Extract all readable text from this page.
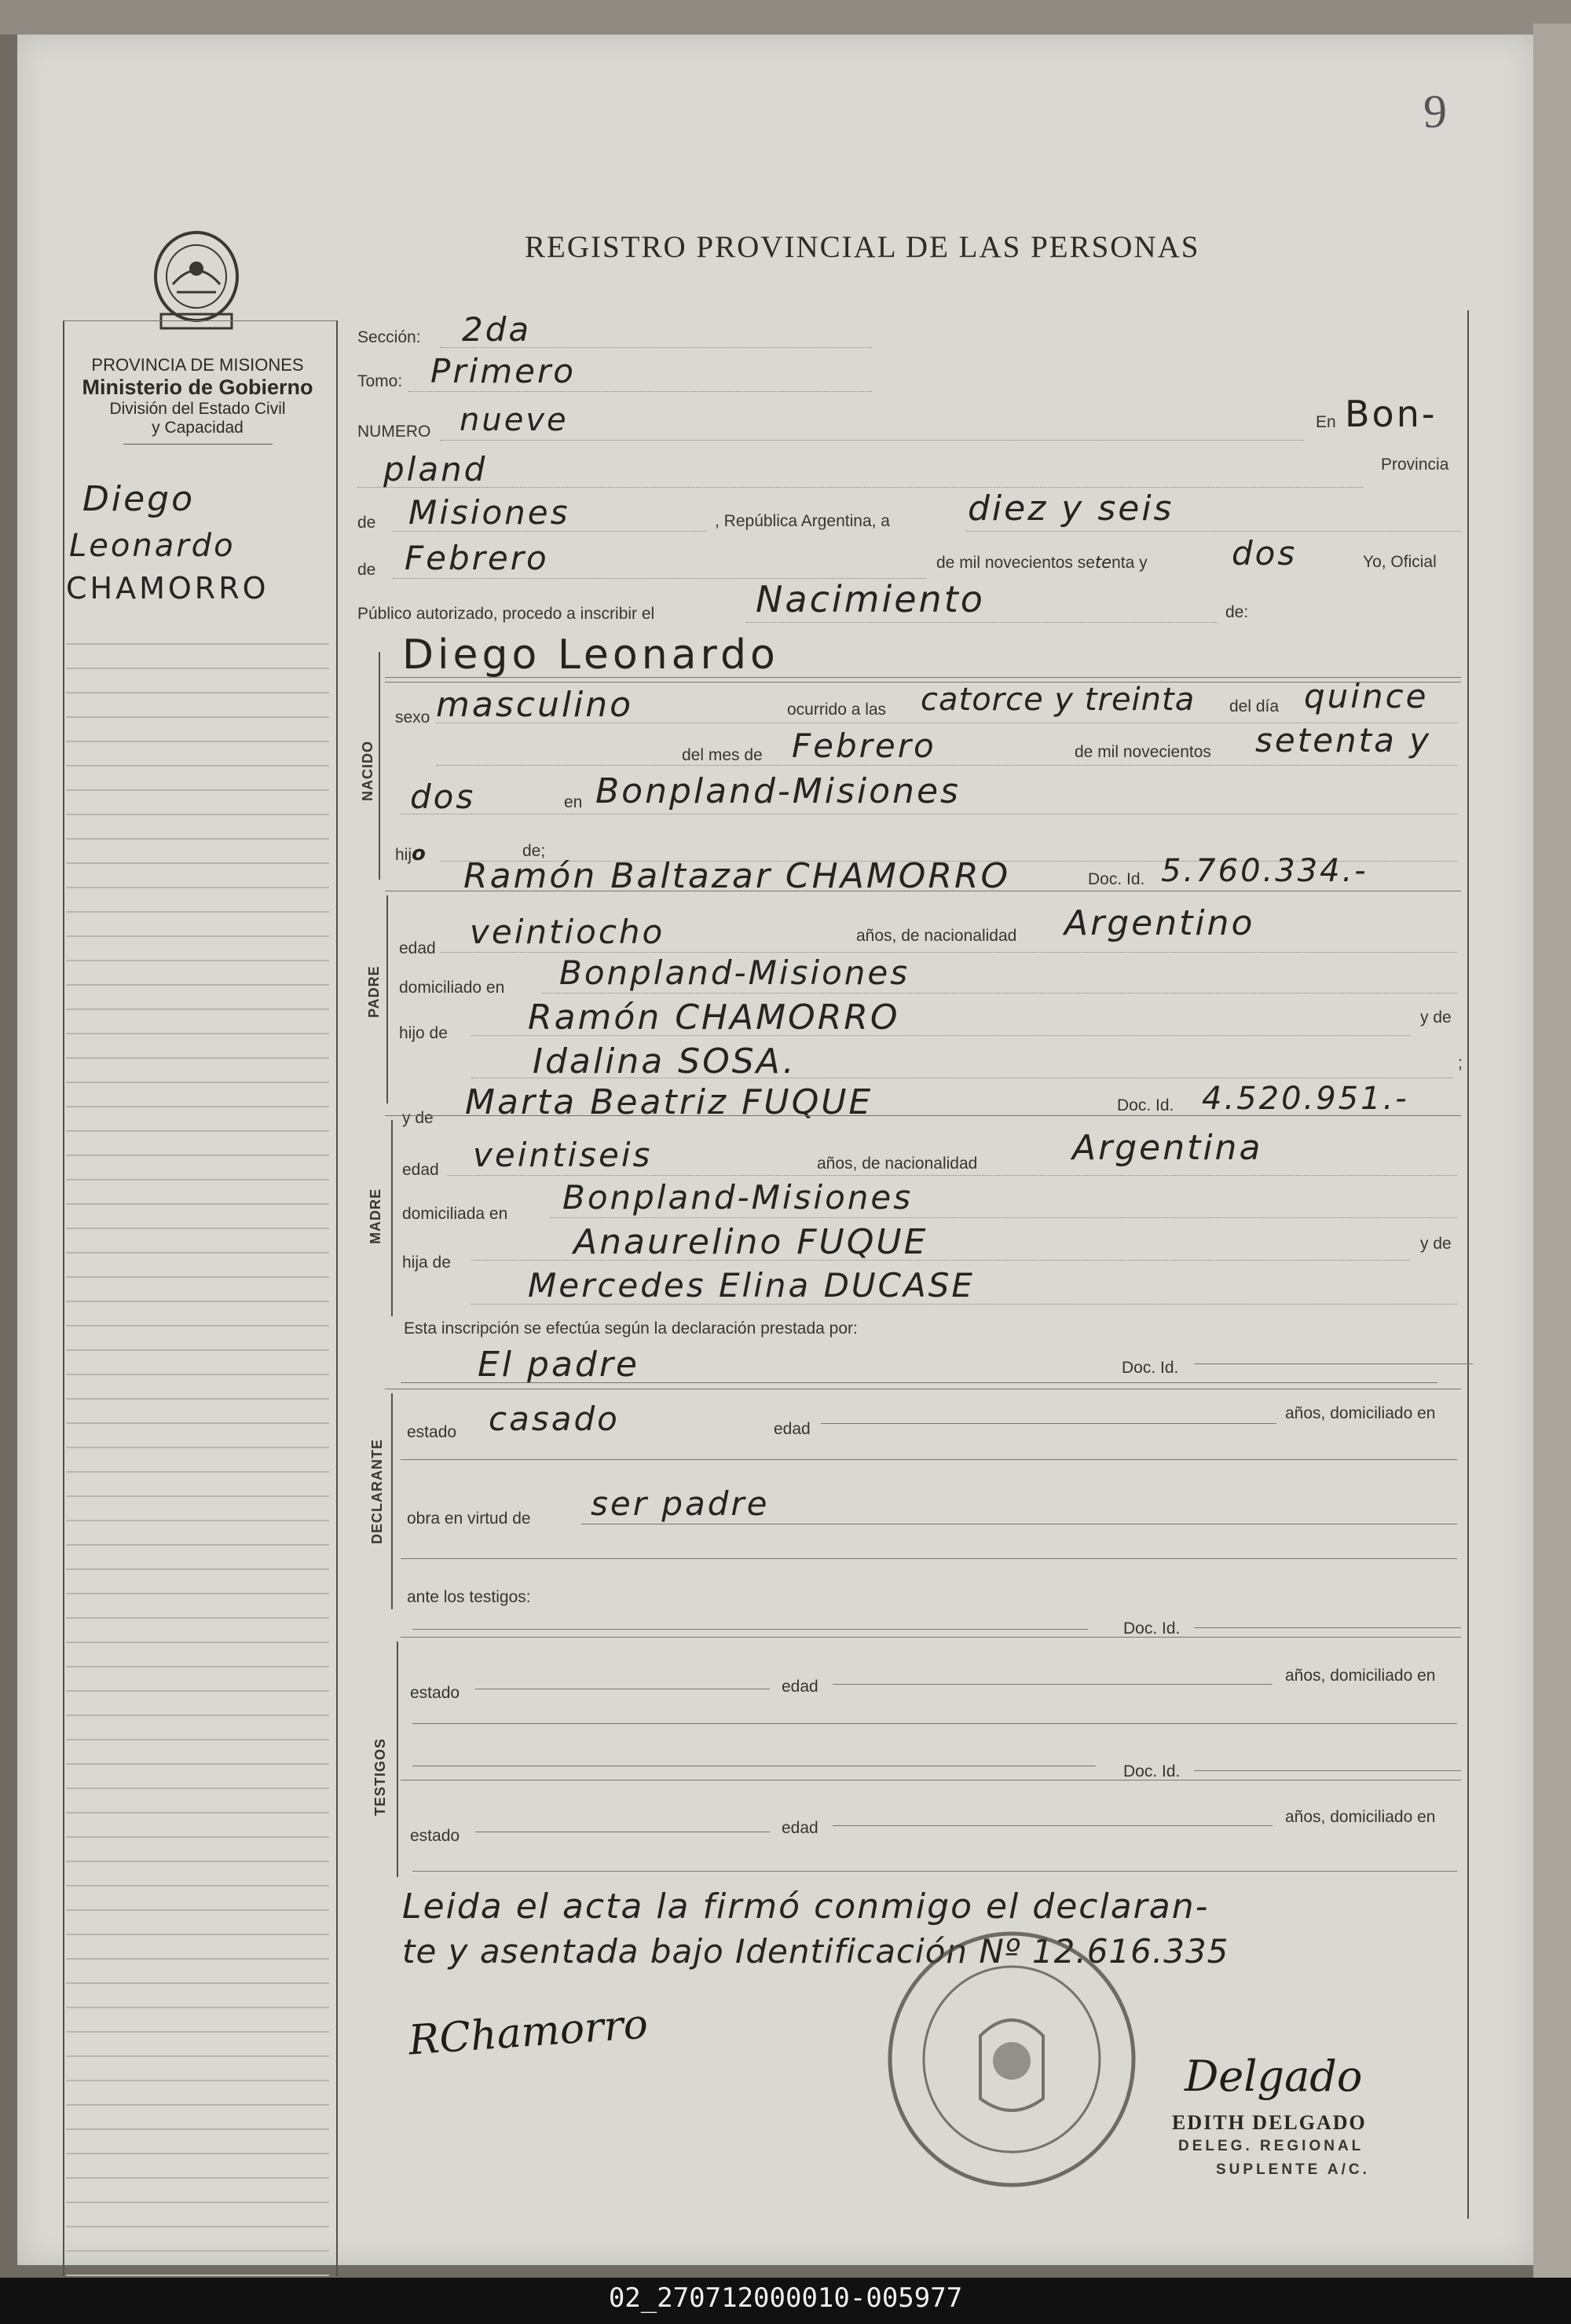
9
REGISTRO PROVINCIAL DE LAS PERSONAS
PROVINCIA DE MISIONES
Ministerio de Gobierno
División del Estado Civil
y Capacidad
Diego
Leonardo
CHAMORRO
Sección: 2da
Tomo: Primero
NUMERO nueve	En Bon-
pland	Provincia
de Misiones	, República Argentina, a diez y seis
de Febrero	de mil novecientos setenta y	dos	Yo, Oficial
Público autorizado, procedo a inscribir el	Nacimiento	de:
NACIDO
Diego Leonardo
sexo masculino	ocurrido a las catorce y treinta del día quince
del mes de Febrero	de mil novecientos setenta y
dos	en Bonpland-Misiones
hijo	de;
Ramón Baltazar CHAMORRO	Doc. Id. 5.760.334.-
PADRE
edad veintiocho	años, de nacionalidad Argentino
domiciliado en Bonpland-Misiones
hijo de Ramón CHAMORRO	y de
Idalina SOSA.	;
y de Marta Beatriz FUQUE	Doc. Id. 4.520.951.-
MADRE
edad veintiseis	años, de nacionalidad	Argentina
domiciliada en Bonpland-Misiones
hija de
Anaurelino FUQUE	y de
Mercedes Elina DUCASE
Esta inscripción se efectúa según la declaración prestada por:
El padre	Doc. Id.
DECLARANTE
estado casado	edad
años, domiciliado en
obra en virtud de ser padre
ante los testigos:
Doc. Id.
TESTIGOS
estado	edad
años, domiciliado en
Doc. Id.
estado	edad
años, domiciliado en
Leida el acta la firmó conmigo el declaran-
te y asentada bajo Identificación Nº 12.616.335
RChamorro
Delgado
EDITH DELGADO
DELEG. REGIONAL
SUPLENTE A/C.
02_270712000010-005977
